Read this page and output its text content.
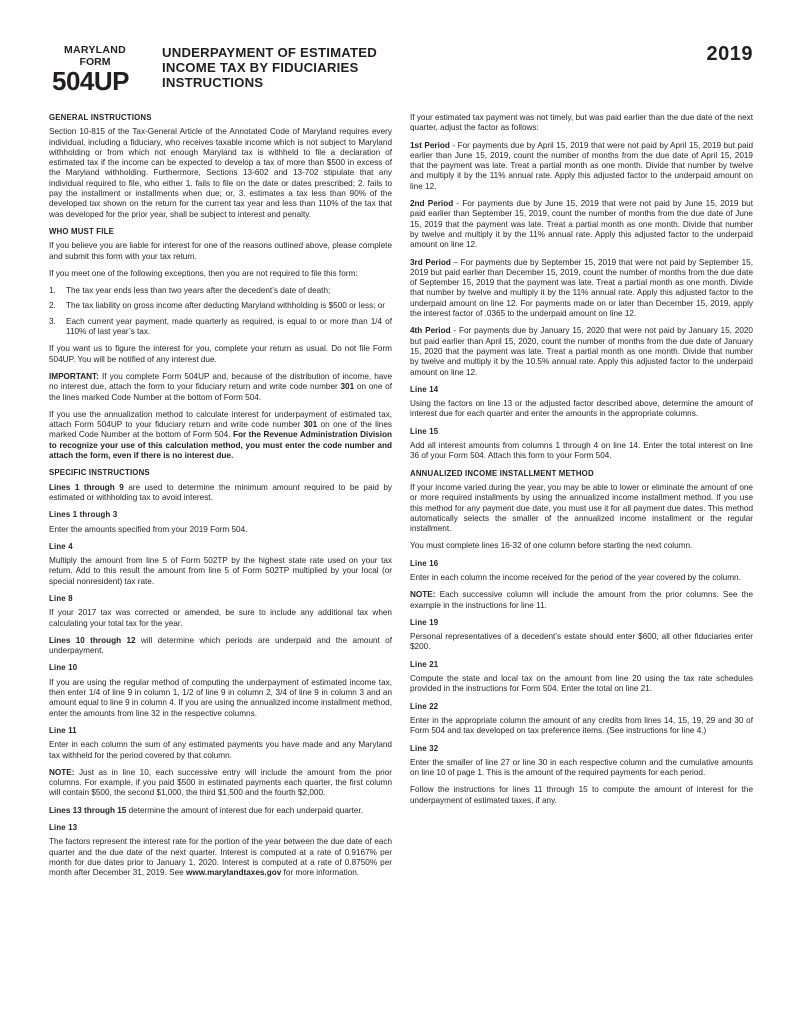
MARYLAND
FORM
504UP
UNDERPAYMENT OF ESTIMATED
INCOME TAX BY FIDUCIARIES
INSTRUCTIONS
2019
GENERAL INSTRUCTIONS
Section 10-815 of the Tax-General Article of the Annotated Code of Maryland requires every individual, including a fiduciary, who receives taxable income which is not subject to Maryland withholding or from which not enough Maryland tax is withheld to file a declaration of estimated tax if the income can be expected to develop a tax of more than $500 in excess of the Maryland withholding. Furthermore, Sections 13-602 and 13-702 stipulate that any individual required to file, who either 1. fails to file on the date or dates prescribed; 2. fails to pay the installment or installments when due; or, 3. estimates a tax less than 90% of the developed tax shown on the return for the current tax year and less than 110% of the tax that was developed for the prior year, shall be subject to interest and penalty.
WHO MUST FILE
If you believe you are liable for interest for one of the reasons outlined above, please complete and submit this form with your tax return.
If you meet one of the following exceptions, then you are not required to file this form:
1.	The tax year ends less than two years after the decedent’s date of death;
2.	The tax liability on gross income after deducting Maryland withholding is $500 or less; or
3.	Each current year payment, made quarterly as required, is equal to or more than 1/4 of 110% of last year’s tax.
If you want us to figure the interest for you, complete your return as usual. Do not file Form 504UP. You will be notified of any interest due.
IMPORTANT: If you complete Form 504UP and, because of the distribution of income, have no interest due, attach the form to your fiduciary return and write code number 301 on one of the lines marked Code Number at the bottom of Form 504.
If you use the annualization method to calculate interest for underpayment of estimated tax, attach Form 504UP to your fiduciary return and write code number 301 on one of the lines marked Code Number at the bottom of Form 504. For the Revenue Administration Division to recognize your use of this calculation method, you must enter the code number and attach the form, even if there is no interest due.
SPECIFIC INSTRUCTIONS
Lines 1 through 9 are used to determine the minimum amount required to be paid by estimated or withholding tax to avoid interest.
Lines 1 through 3
Enter the amounts specified from your 2019 Form 504.
Line 4
Multiply the amount from line 5 of Form 502TP by the highest state rate used on your tax return. Add to this result the amount from line 5 of Form 502TP multiplied by your local (or special nonresident) tax rate.
Line 8
If your 2017 tax was corrected or amended, be sure to include any additional tax when calculating your total tax for the year.
Lines 10 through 12 will determine which periods are underpaid and the amount of underpayment.
Line 10
If you are using the regular method of computing the underpayment of estimated income tax, then enter 1/4 of line 9 in column 1, 1/2 of line 9 in column 2, 3/4 of line 9 in column 3 and an amount equal to line 9 in column 4. If you are using the annualized income installment method, enter the amounts from line 32 in the respective columns.
Line 11
Enter in each column the sum of any estimated payments you have made and any Maryland tax withheld for the period covered by that column.
NOTE: Just as in line 10, each successive entry will include the amount from the prior columns. For example, if you paid $500 in estimated payments each quarter, the first column will contain $500, the second $1,000, the third $1,500 and the fourth $2,000.
Lines 13 through 15 determine the amount of interest due for each underpaid quarter.
Line 13
The factors represent the interest rate for the portion of the year between the due date of each quarter and the due date of the next quarter. Interest is computed at a rate of 0.9167% per month for due dates prior to January 1, 2020. Interest is computed at a rate of 0.8750% per month after December 31, 2019. See www.marylandtaxes.gov for more information.
If your estimated tax payment was not timely, but was paid earlier than the due date of the next quarter, adjust the factor as follows:
1st Period - For payments due by April 15, 2019 that were not paid by April 15, 2019 but paid earlier than June 15, 2019, count the number of months from the due date of April 15, 2019 that the payment was late. Treat a partial month as one month. Divide that number by twelve and multiply it by the 11% annual rate. Apply this adjusted factor to the underpaid amount on line 12.
2nd Period - For payments due by June 15, 2019 that were not paid by June 15, 2019 but paid earlier than September 15, 2019, count the number of months from the due date of June 15, 2019 that the payment was late. Treat a partial month as one month. Divide that number by twelve and multiply it by the 11% annual rate. Apply this adjusted factor to the underpaid amount on line 12.
3rd Period – For payments due by September 15, 2019 that were not paid by September 15, 2019 but paid earlier than December 15, 2019, count the number of months from the due date of September 15, 2019 that the payment was late. Treat a partial month as one month. Divide that number by twelve and multiply it by the 11% annual rate. Apply this adjusted factor to the underpaid amount on line 12. For payments made on or later than December 15, 2019, apply the interest factor of .0365 to the underpaid amount on line 12.
4th Period - For payments due by January 15, 2020 that were not paid by January 15, 2020 but paid earlier than April 15, 2020, count the number of months from the due date of January 15, 2020 that the payment was late. Treat a partial month as one month. Divide that number by twelve and multiply it by the 10.5% annual rate. Apply this adjusted factor to the underpaid amount on line 12.
Line 14
Using the factors on line 13 or the adjusted factor described above, determine the amount of interest due for each quarter and enter the amounts in the appropriate columns.
Line 15
Add all interest amounts from columns 1 through 4 on line 14. Enter the total interest on line 36 of your Form 504. Attach this form to your Form 504.
ANNUALIZED INCOME INSTALLMENT METHOD
If your income varied during the year, you may be able to lower or eliminate the amount of one or more required installments by using the annualized income installment method. If you use this method for any payment due date, you must use it for all payment due dates. This method automatically selects the smaller of the annualized income installment or the regular installment.
You must complete lines 16-32 of one column before starting the next column.
Line 16
Enter in each column the income received for the period of the year covered by the column.
NOTE: Each successive column will include the amount from the prior columns. See the example in the instructions for line 11.
Line 19
Personal representatives of a decedent’s estate should enter $600, all other fiduciaries enter $200.
Line 21
Compute the state and local tax on the amount from line 20 using the tax rate schedules provided in the instructions for Form 504. Enter the total on line 21.
Line 22
Enter in the appropriate column the amount of any credits from lines 14, 15, 19, 29 and 30 of Form 504 and tax developed on tax preference items. (See instructions for line 4.)
Line 32
Enter the smaller of line 27 or line 30 in each respective column and the cumulative amounts on line 10 of page 1. This is the amount of the required payments for each period.
Follow the instructions for lines 11 through 15 to compute the amount of interest for the underpayment of estimated taxes, if any.
